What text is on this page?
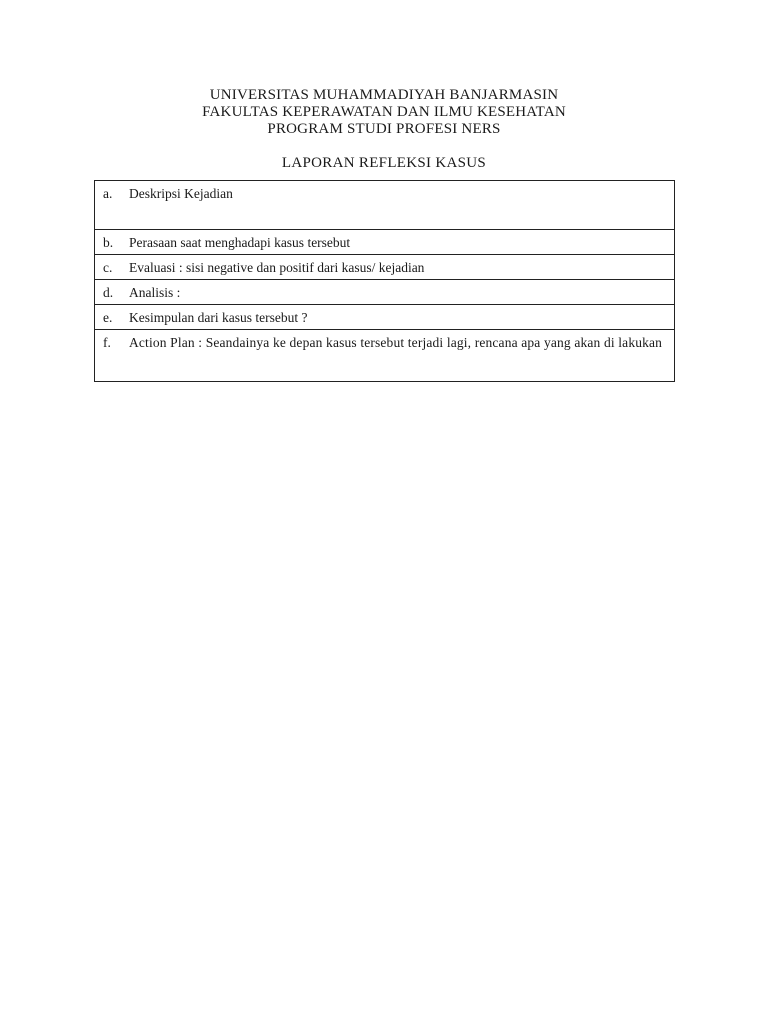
UNIVERSITAS MUHAMMADIYAH BANJARMASIN
FAKULTAS KEPERAWATAN DAN ILMU KESEHATAN
PROGRAM STUDI PROFESI NERS
LAPORAN REFLEKSI KASUS
a.	Deskripsi Kejadian
b.	Perasaan saat menghadapi kasus tersebut
c.	Evaluasi : sisi negative dan positif dari kasus/ kejadian
d.	Analisis :
e.	Kesimpulan dari kasus tersebut ?
f.	Action Plan : Seandainya ke depan kasus tersebut terjadi lagi, rencana apa yang akan di lakukan
